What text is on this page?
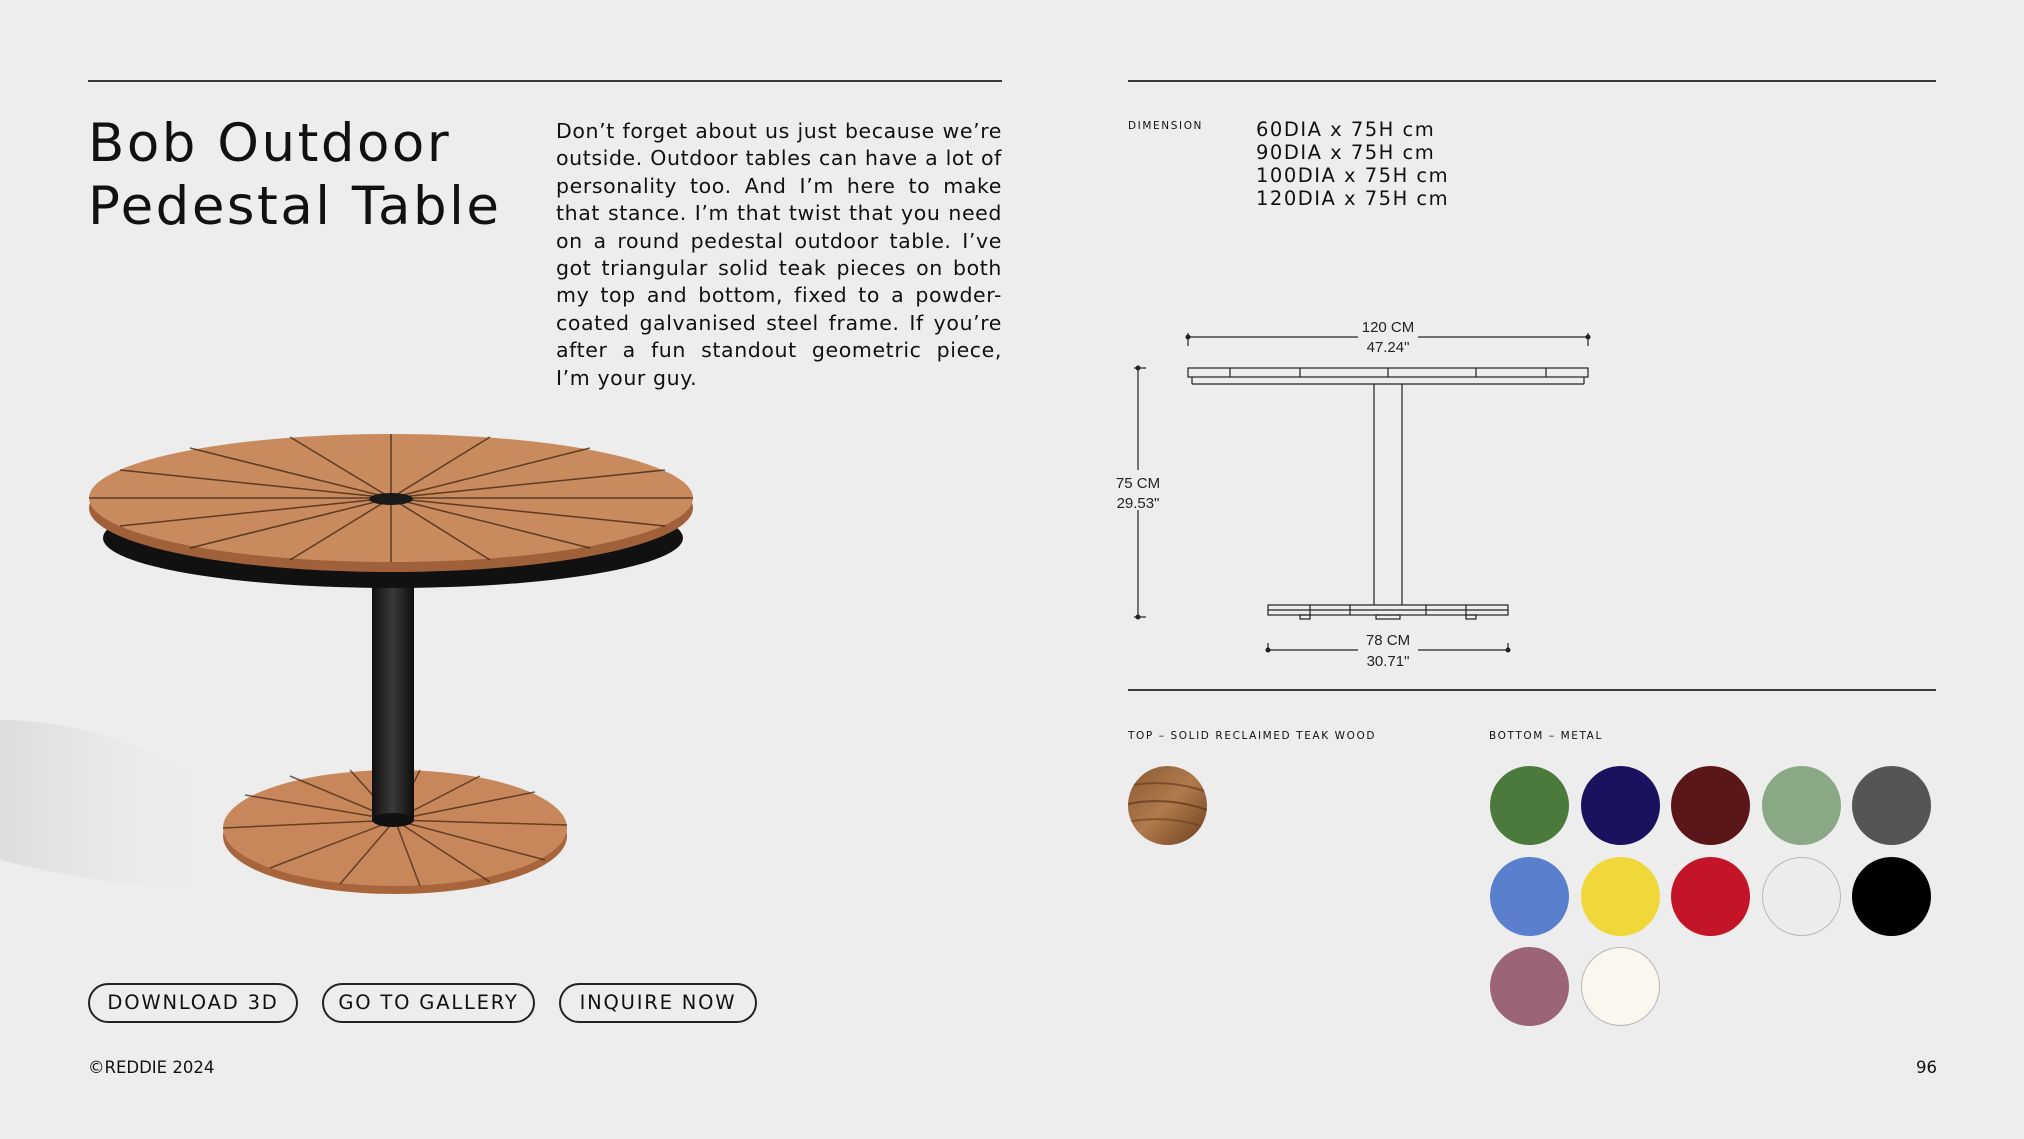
Bob Outdoor
Pedestal Table

Don’t forget about us just because we’re outside. Outdoor tables can have a lot of personality too. And I’m here to make that stance. I’m that twist that you need on a round pedestal outdoor table. I’ve got triangular solid teak pieces on both my top and bottom, fixed to a powder-coated galvanised steel frame. If you’re after a fun standout geometric piece, I’m your guy.

DIMENSION	60DIA x 75H cm
90DIA x 75H cm
100DIA x 75H cm
120DIA x 75H cm
120 CM
47.24"
75 CM
29.53"
78 CM
30.71"
TOP – SOLID RECLAIMED TEAK WOOD	BOTTOM – METAL
DOWNLOAD 3D	GO TO GALLERY	INQUIRE NOW
©REDDIE 2024	96
